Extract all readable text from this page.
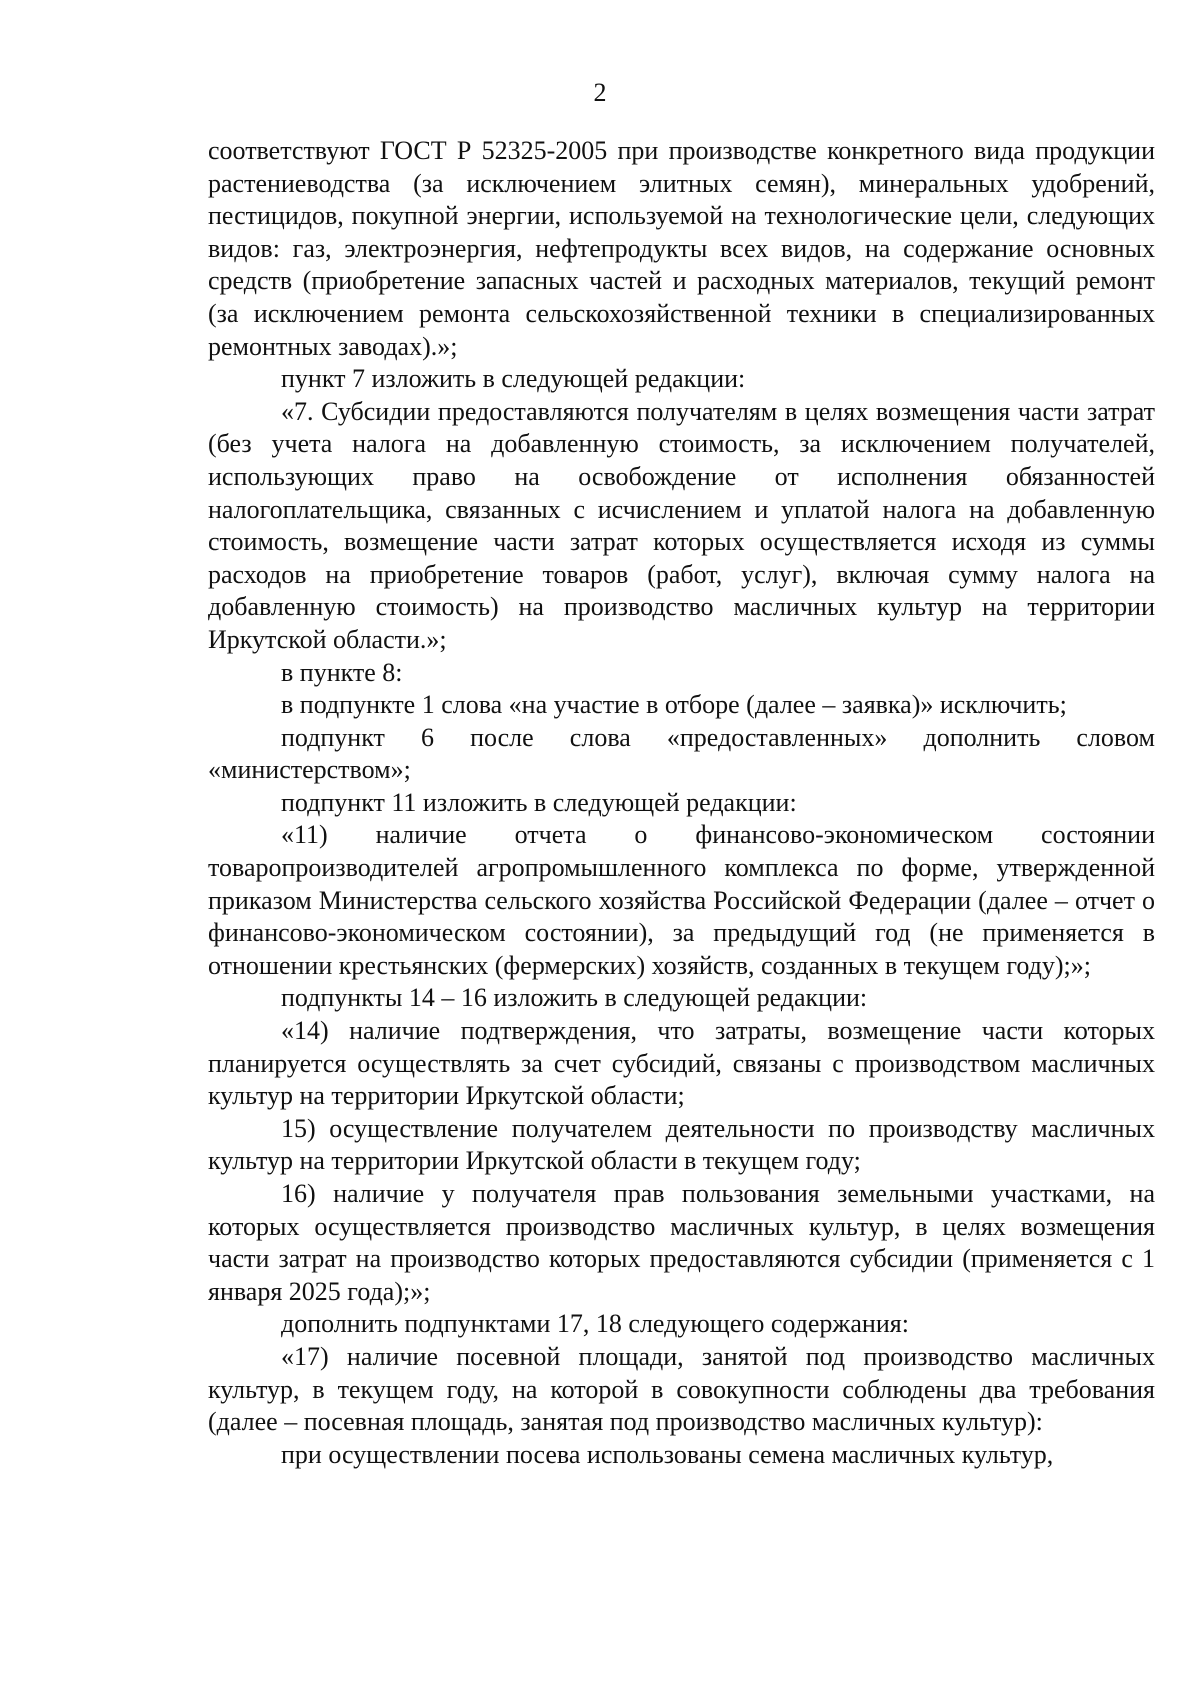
2

соответствуют ГОСТ Р 52325-2005 при производстве конкретного вида продукции растениеводства (за исключением элитных семян), минеральных удобрений, пестицидов, покупной энергии, используемой на технологические цели, следующих видов: газ, электроэнергия, нефтепродукты всех видов, на содержание основных средств (приобретение запасных частей и расходных материалов, текущий ремонт (за исключением ремонта сельскохозяйственной техники в специализированных ремонтных заводах).»;

пункт 7 изложить в следующей редакции:

«7. Субсидии предоставляются получателям в целях возмещения части затрат (без учета налога на добавленную стоимость, за исключением получателей, использующих право на освобождение от исполнения обязанностей налогоплательщика, связанных с исчислением и уплатой налога на добавленную стоимость, возмещение части затрат которых осуществляется исходя из суммы расходов на приобретение товаров (работ, услуг), включая сумму налога на добавленную стоимость) на производство масличных культур на территории Иркутской области.»;

в пункте 8:

в подпункте 1 слова «на участие в отборе (далее – заявка)» исключить;

подпункт 6 после слова «предоставленных» дополнить словом «министерством»;

подпункт 11 изложить в следующей редакции:

«11) наличие отчета о финансово-экономическом состоянии товаропроизводителей агропромышленного комплекса по форме, утвержденной приказом Министерства сельского хозяйства Российской Федерации (далее – отчет о финансово-экономическом состоянии), за предыдущий год (не применяется в отношении крестьянских (фермерских) хозяйств, созданных в текущем году);»;

подпункты 14 – 16 изложить в следующей редакции:

«14) наличие подтверждения, что затраты, возмещение части которых планируется осуществлять за счет субсидий, связаны с производством масличных культур на территории Иркутской области;

15) осуществление получателем деятельности по производству масличных культур на территории Иркутской области в текущем году;

16) наличие у получателя прав пользования земельными участками, на которых осуществляется производство масличных культур, в целях возмещения части затрат на производство которых предоставляются субсидии (применяется с 1 января 2025 года);»;

дополнить подпунктами 17, 18 следующего содержания:

«17) наличие посевной площади, занятой под производство масличных культур, в текущем году, на которой в совокупности соблюдены два требования (далее – посевная площадь, занятая под производство масличных культур):

при осуществлении посева использованы семена масличных культур,
